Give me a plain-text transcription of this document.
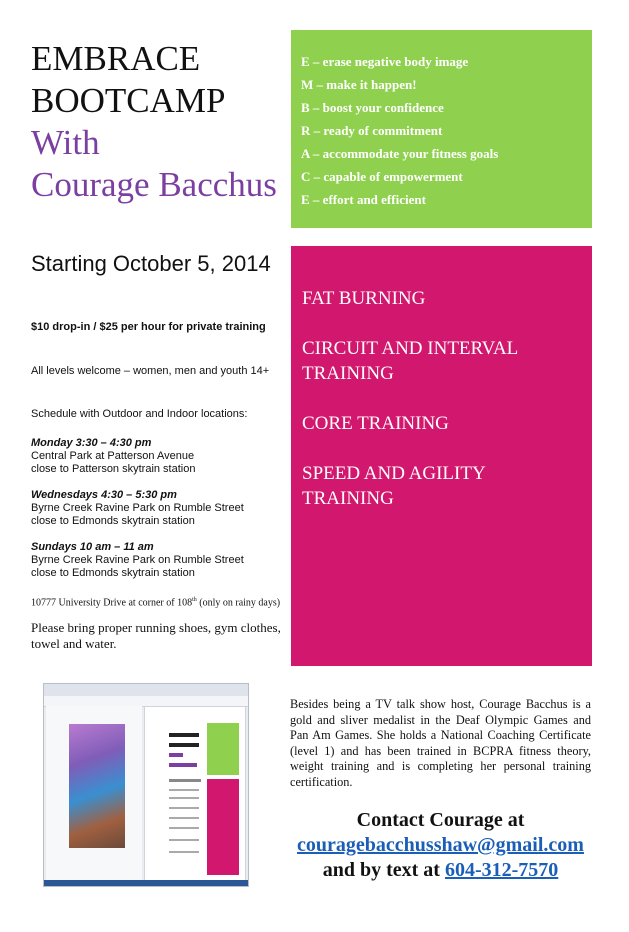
EMBRACE
BOOTCAMP
With
Courage Bacchus
E – erase negative body image
M – make it happen!
B – boost your confidence
R – ready of commitment
A – accommodate your fitness goals
C – capable of empowerment
E – effort and efficient
FAT BURNING
CIRCUIT AND INTERVAL TRAINING
CORE TRAINING
SPEED AND AGILITY TRAINING
Starting October 5, 2014
$10 drop-in / $25 per hour for private training
All levels welcome – women, men and youth 14+
Schedule with Outdoor and Indoor locations:
Monday 3:30 – 4:30 pm
Central Park at Patterson Avenue
close to Patterson skytrain station
Wednesdays 4:30 – 5:30 pm
Byrne Creek Ravine Park on Rumble Street
close to Edmonds skytrain station
Sundays 10 am – 11 am
Byrne Creek Ravine Park on Rumble Street
close to Edmonds skytrain station
10777 University Drive at corner of 108th (only on rainy days)
Please bring proper running shoes, gym clothes, towel and water.
Besides being a TV talk show host, Courage Bacchus is a gold and sliver medalist in the Deaf Olympic Games and Pan Am Games. She holds a National Coaching Certificate (level 1) and has been trained in BCPRA fitness theory, weight training and is completing her personal training certification.
Contact Courage at
couragebacchusshaw@gmail.com
and by text at 604-312-7570
